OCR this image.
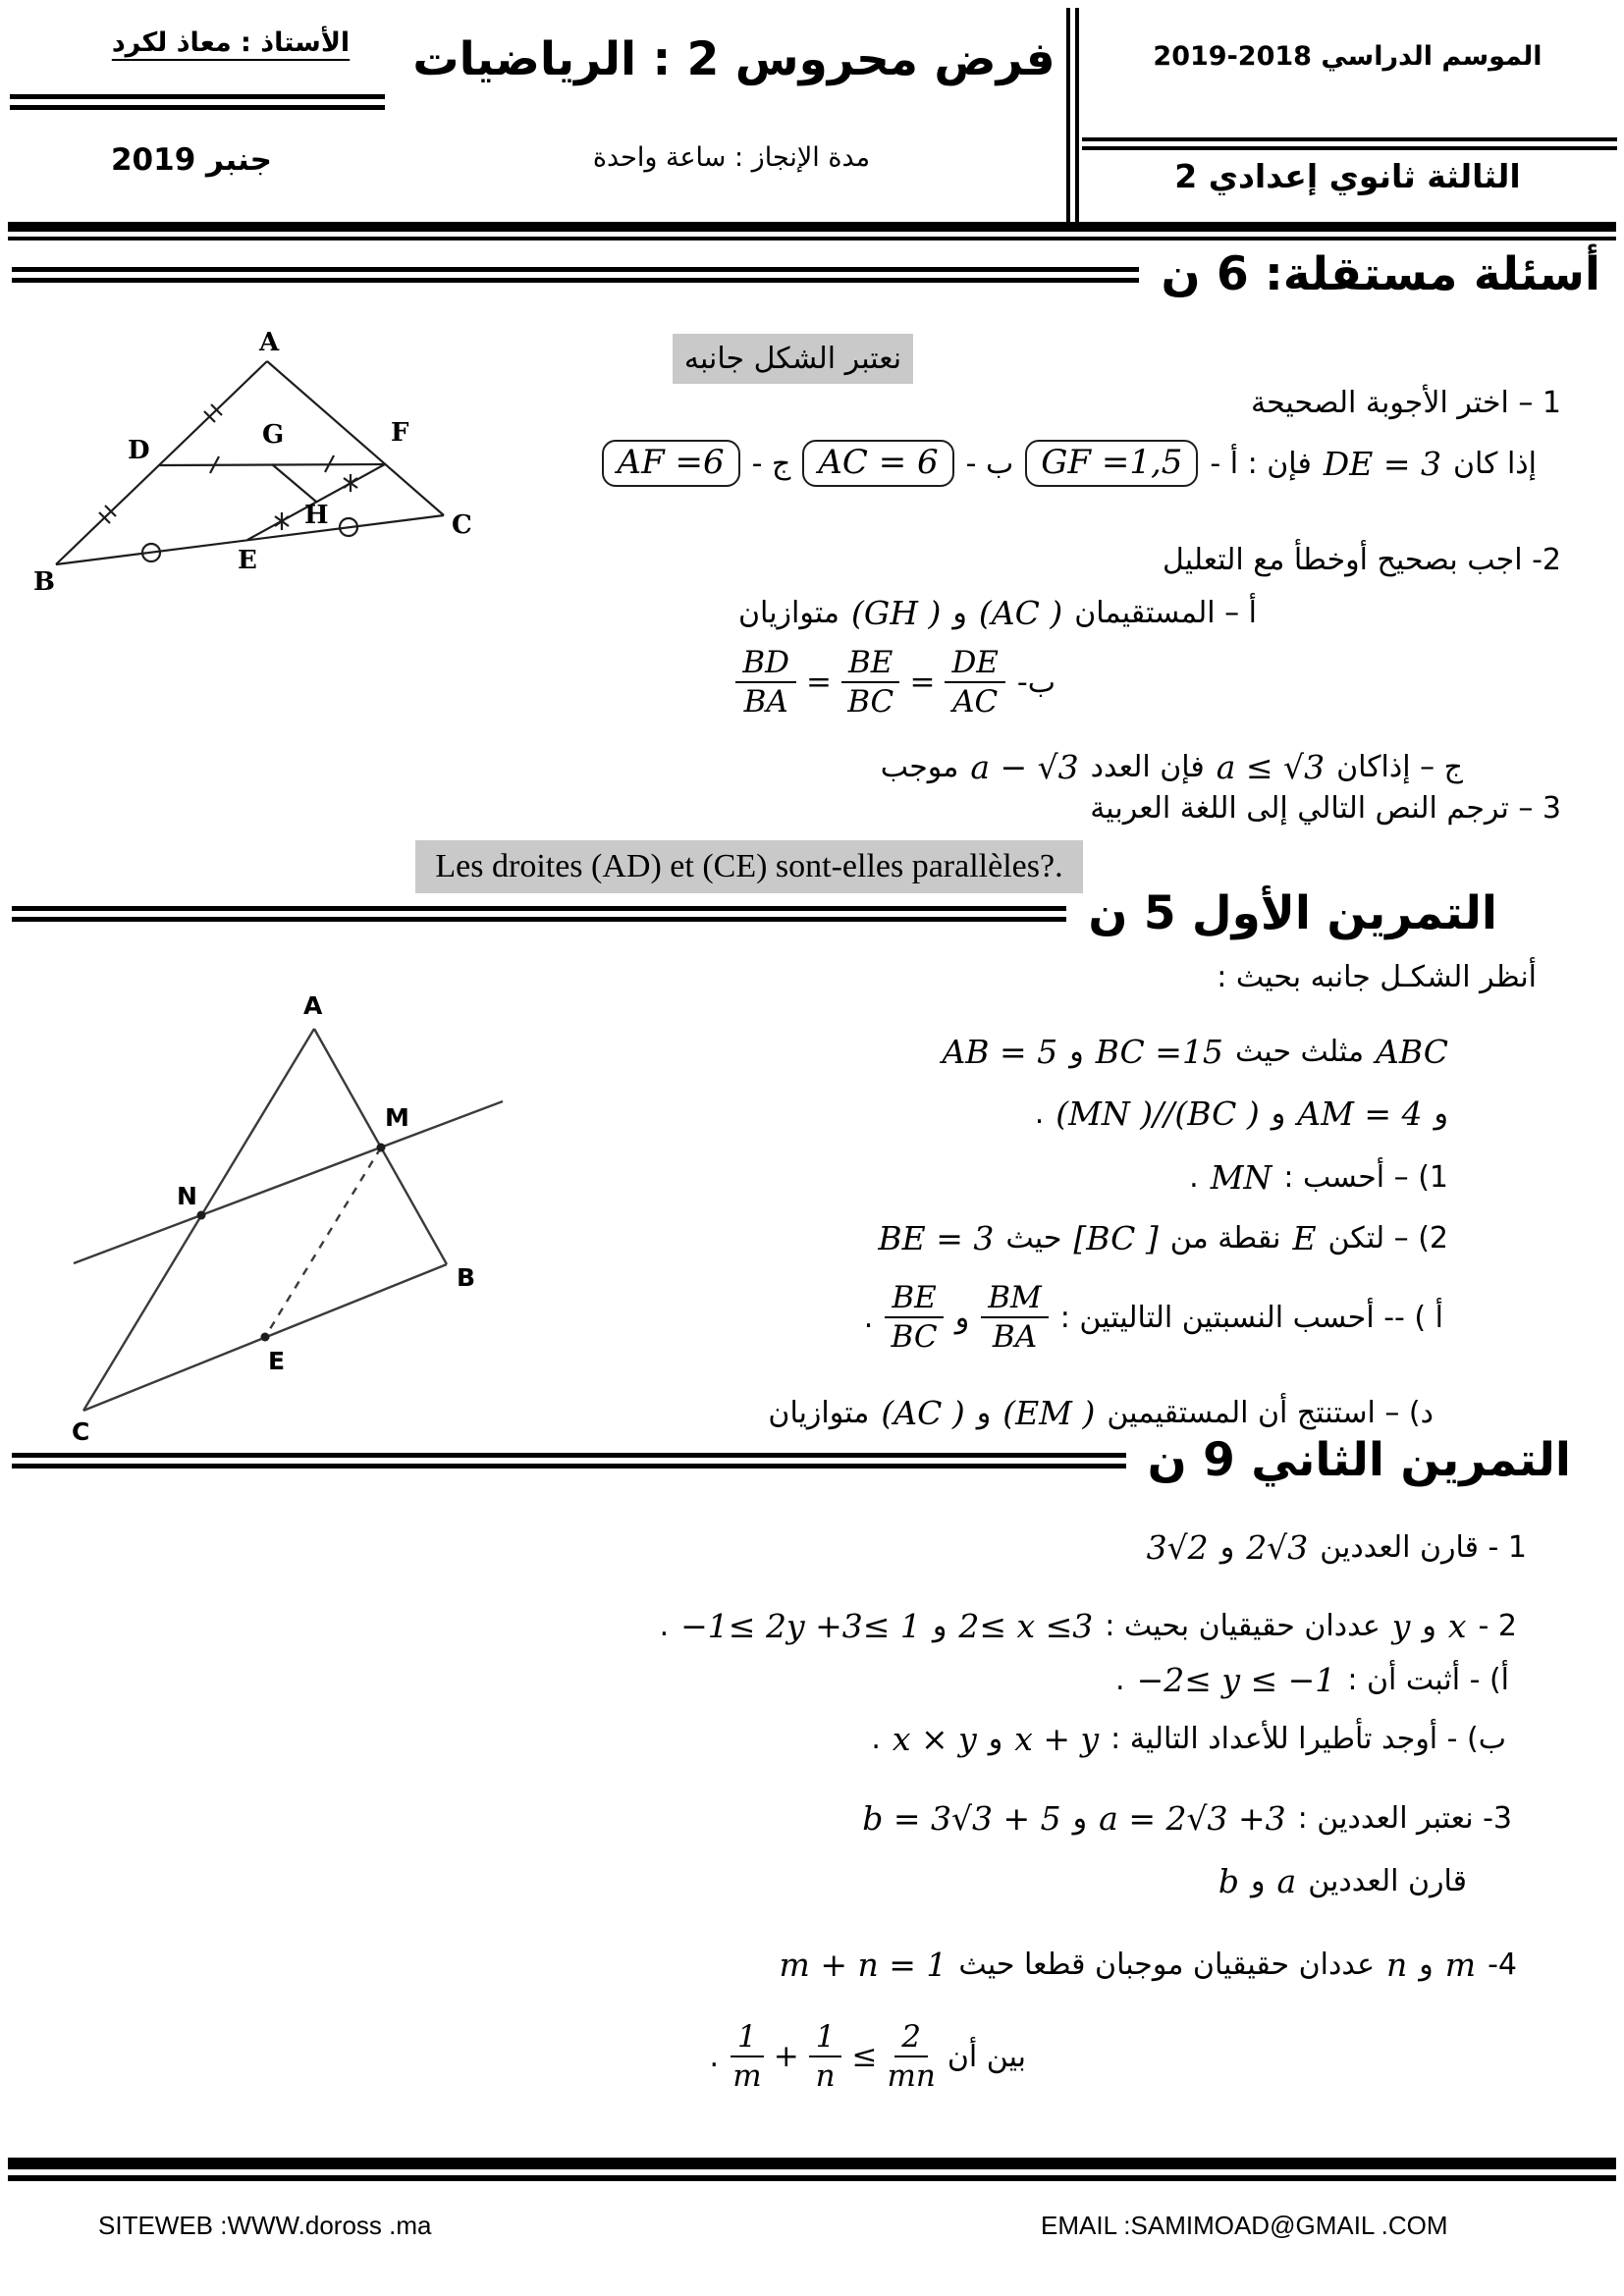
الأستاذ : معاذ لكرد
جنبر 2019
فرض محروس 2 : الرياضيات
مدة الإنجاز : ساعة واحدة
الموسم الدراسي 2018-2019
الثالثة ثانوي إعدادي 2
أسئلة مستقلة: 6 ن
A
B
C
D
E
F
G
H
نعتبر الشكل جانبه
1 – اختر الأجوبة الصحيحة
إذا كان
DE = 3
فإن : أ -
GF =1,5
ب -
AC = 6
ج -
AF =6
2- اجب بصحيح أوخطأ مع التعليل
أ – المستقيمان
(AC )
و
(GH )
متوازيان
ب-
$\frac{BD}{BA} = \frac{BE}{BC} = \frac{DE}{AC}$
ج – إذاكان
a ≤ √3
فإن العدد
a − √3
موجب
3 – ترجم النص التالي إلى اللغة العربية
Les droites (AD) et (CE) sont-elles parallèles?.
التمرين الأول 5 ن
A
B
C
M
N
E
أنظر الشكـل جانبه بحيث :
ABC
مثلث حيث
BC =15
و
AB = 5
و
AM = 4
و
(MN )//(BC )
.
1) – أحسب :
MN
.
2) – لتكن
E
نقطة من
[BC ]
حيث
BE = 3
أ ) -- أحسب النسبتين التاليتين :
BM
BA
و
BE
BC
.
د) – استنتج أن المستقيمين
(EM )
و
(AC )
متوازيان
التمرين الثاني 9 ن
1 - قارن العددين
2√3
و
3√2
2 -
x
و
y
عددان حقيقيان بحيث :
2≤ x ≤3
و
−1≤ 2y +3≤ 1
.
أ) - أثبت أن :
−2≤ y ≤ −1
.
ب) - أوجد تأطيرا للأعداد التالية :
x + y
و
x × y
.
3- نعتبر العددين :
a = 2√3 +3
و
b = 3√3 + 5
قارن العددين
a
و
b
4-
m
و
n
عددان حقيقيان موجبان قطعا حيث
m + n = 1
بين أن
1
m
+ $\frac{1}{n} \le \frac{2}{mn}$
.
SITEWEB :WWW.doross .ma	EMAIL :SAMIMOAD@GMAIL .COM
